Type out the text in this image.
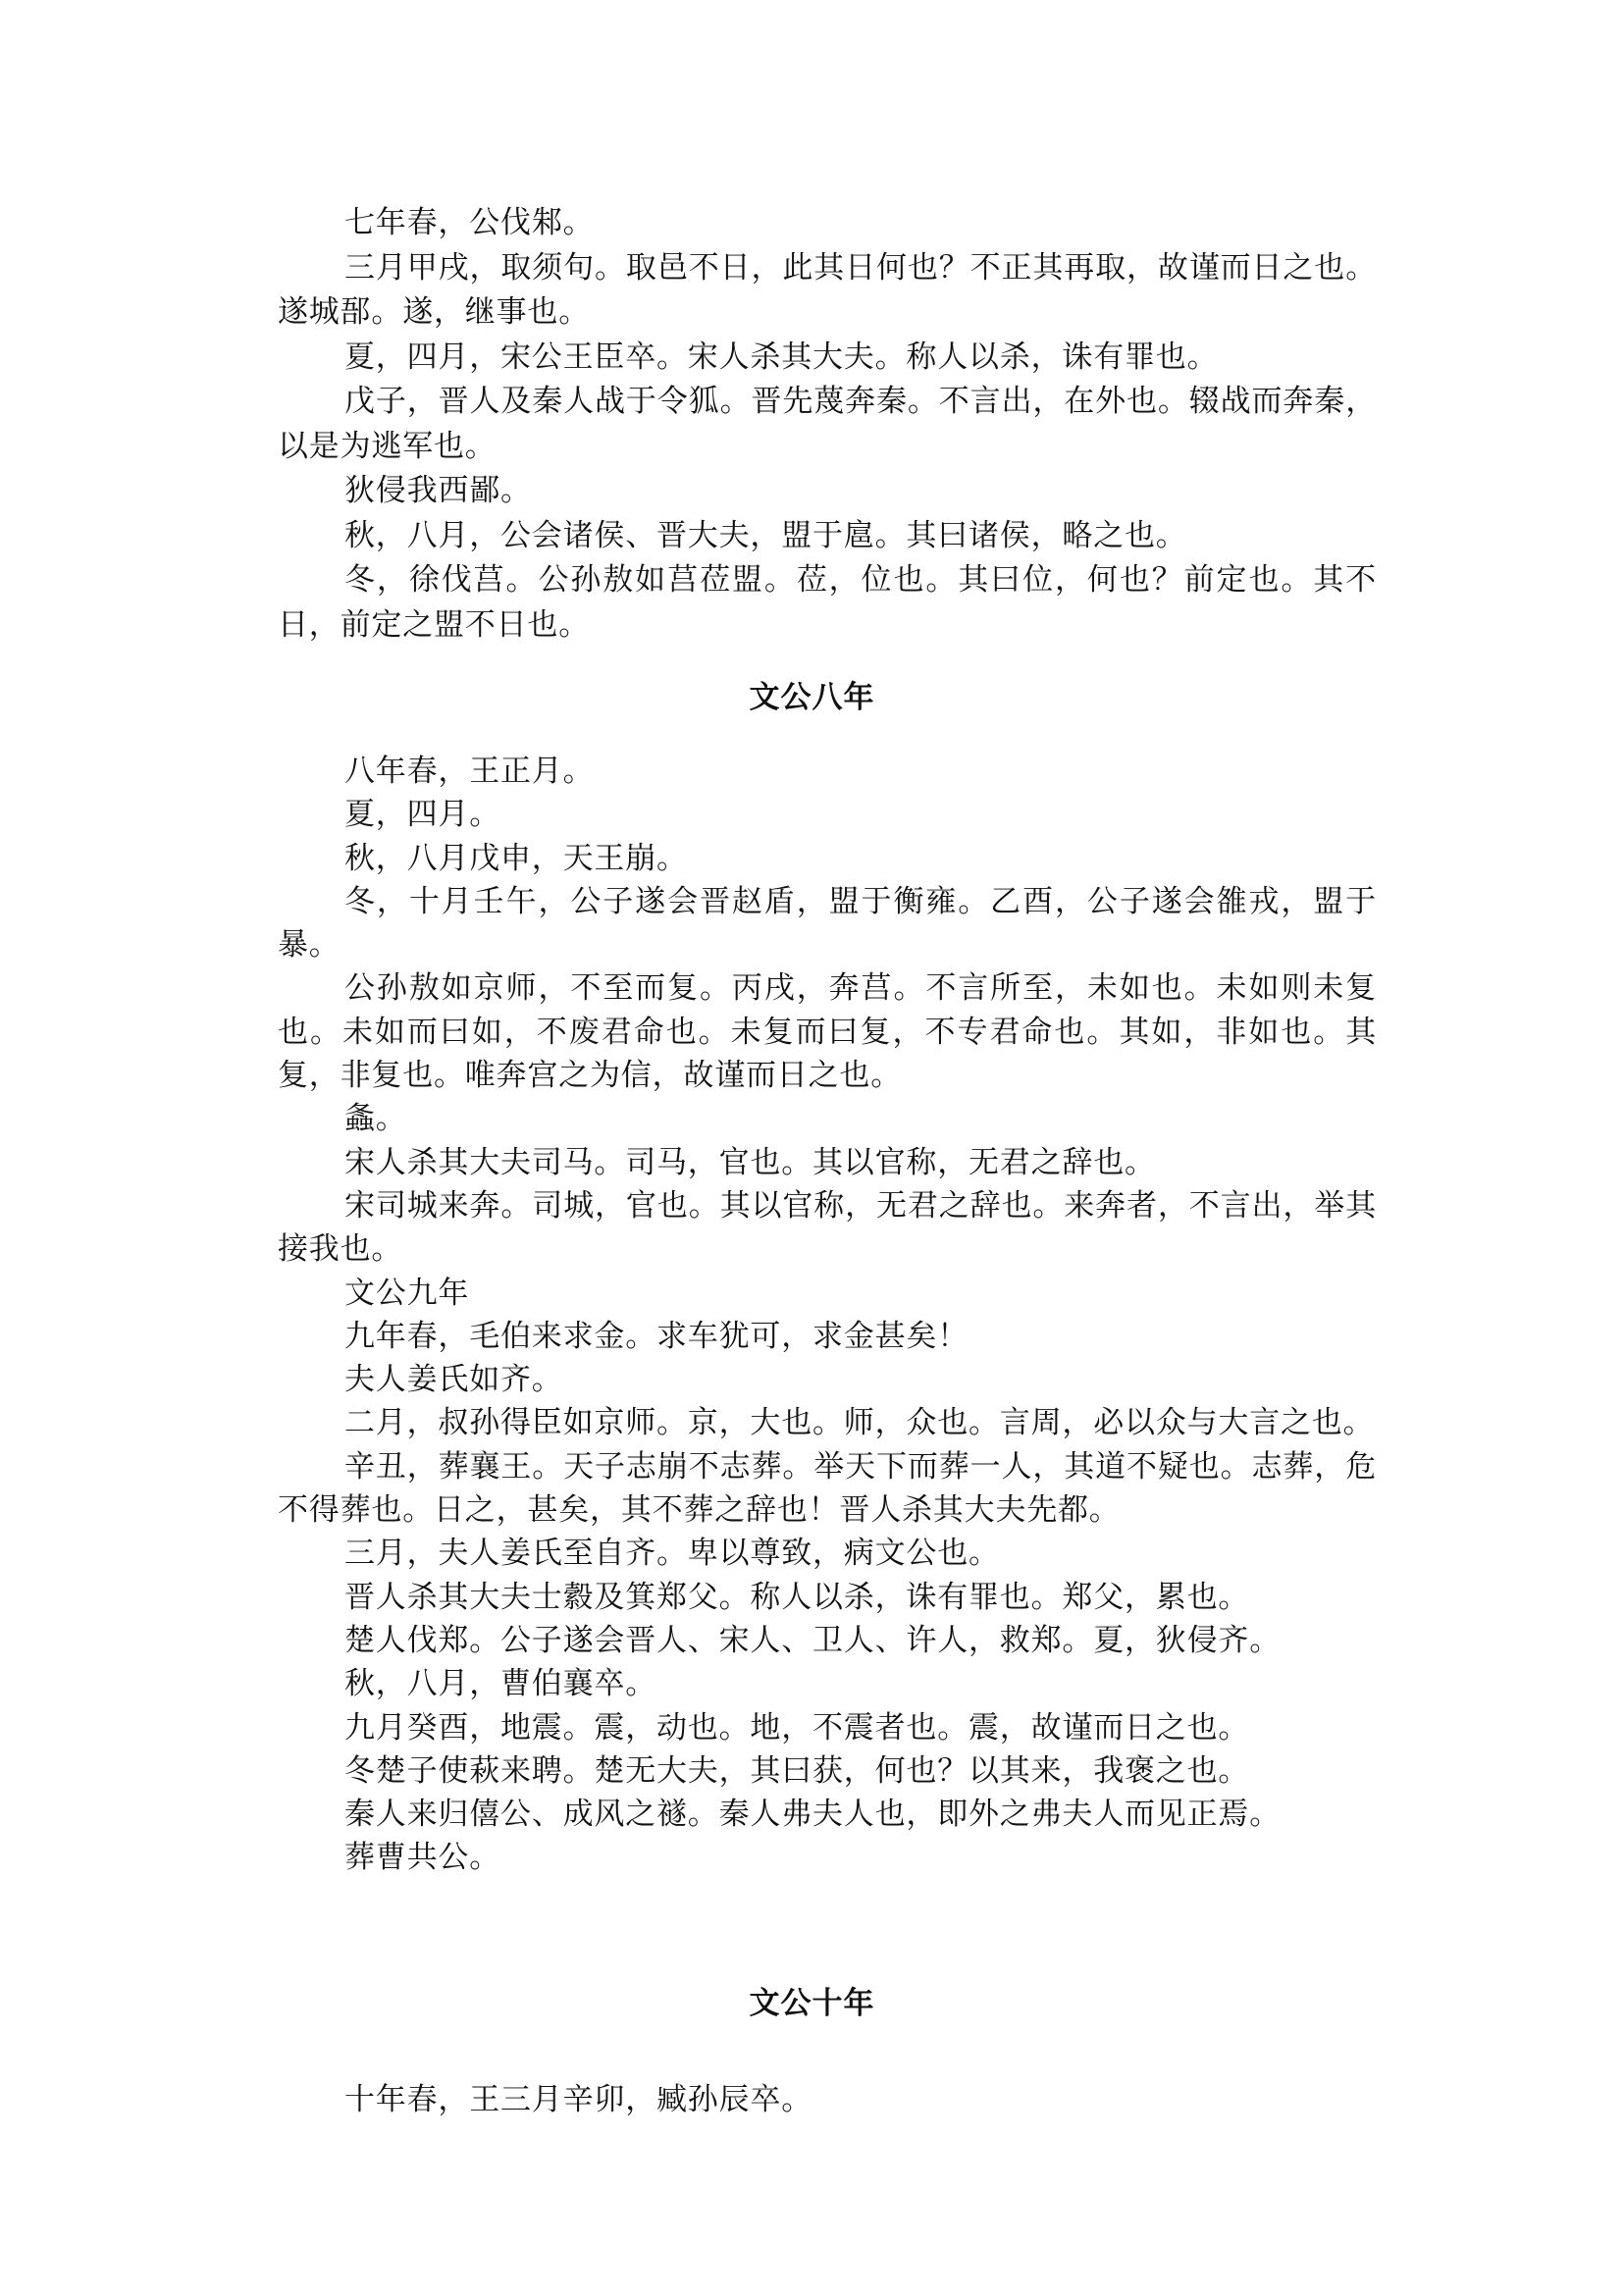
七年春，公伐邾。

三月甲戌，取须句。取邑不日，此其日何也？不正其再取，故谨而日之也。遂城郚。遂，继事也。

夏，四月，宋公王臣卒。宋人杀其大夫。称人以杀，诛有罪也。

戊子，晋人及秦人战于令狐。晋先蔑奔秦。不言出，在外也。辍战而奔秦，以是为逃军也。

狄侵我西鄙。

秋，八月，公会诸侯、晋大夫，盟于扈。其曰诸侯，略之也。

冬，徐伐莒。公孙敖如莒莅盟。莅，位也。其曰位，何也？前定也。其不日，前定之盟不日也。

文公八年

八年春，王正月。

夏，四月。

秋，八月戊申，天王崩。

冬，十月壬午，公子遂会晋赵盾，盟于衡雍。乙酉，公子遂会雒戎，盟于暴。

公孙敖如京师，不至而复。丙戌，奔莒。不言所至，未如也。未如则未复也。未如而曰如，不废君命也。未复而曰复，不专君命也。其如，非如也。其复，非复也。唯奔宫之为信，故谨而日之也。

螽。

宋人杀其大夫司马。司马，官也。其以官称，无君之辞也。

宋司城来奔。司城，官也。其以官称，无君之辞也。来奔者，不言出，举其接我也。

文公九年

九年春，毛伯来求金。求车犹可，求金甚矣！

夫人姜氏如齐。

二月，叔孙得臣如京师。京，大也。师，众也。言周，必以众与大言之也。

辛丑，葬襄王。天子志崩不志葬。举天下而葬一人，其道不疑也。志葬，危不得葬也。日之，甚矣，其不葬之辞也！晋人杀其大夫先都。

三月，夫人姜氏至自齐。卑以尊致，病文公也。

晋人杀其大夫士縠及箕郑父。称人以杀，诛有罪也。郑父，累也。

楚人伐郑。公子遂会晋人、宋人、卫人、许人，救郑。夏，狄侵齐。

秋，八月，曹伯襄卒。

九月癸酉，地震。震，动也。地，不震者也。震，故谨而日之也。

冬楚子使萩来聘。楚无大夫，其曰获，何也？以其来，我褒之也。

秦人来归僖公、成风之禭。秦人弗夫人也，即外之弗夫人而见正焉。

葬曹共公。

文公十年

十年春，王三月辛卯，臧孙辰卒。
